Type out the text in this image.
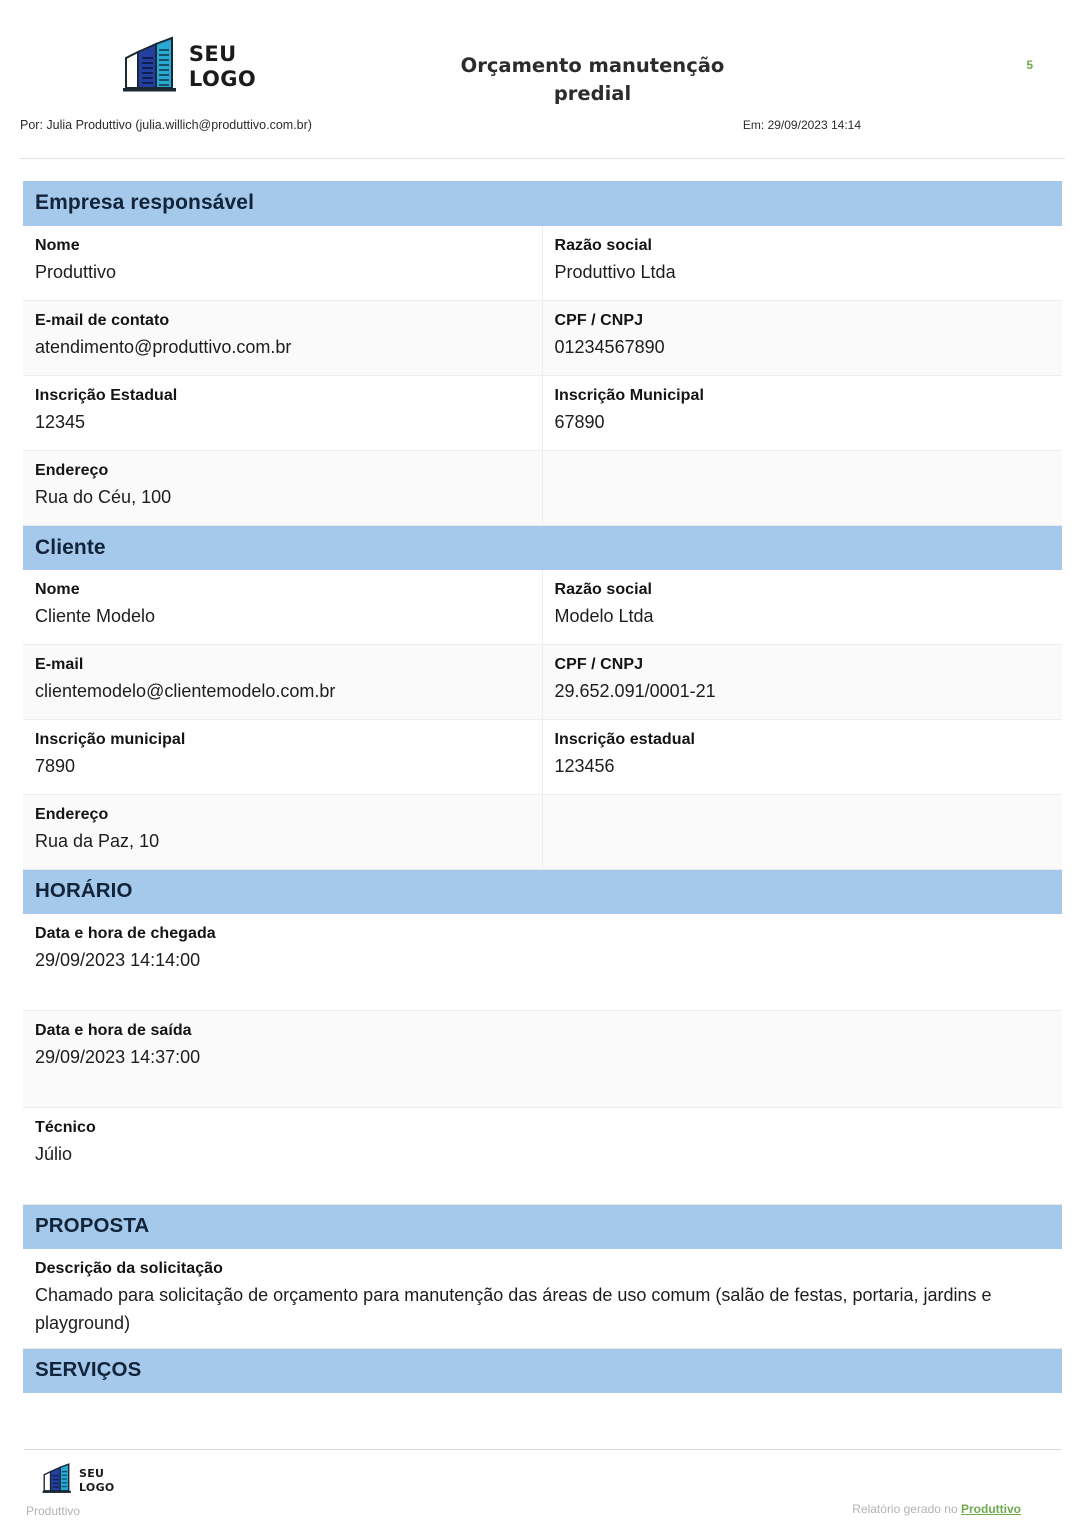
SEU
LOGO
Orçamento manutenção predial
5
Por: Julia Produttivo (julia.willich@produttivo.com.br)	Em: 29/09/2023 14:14
Empresa responsável
Nome
Produttivo
Razão social
Produttivo Ltda
E-mail de contato
atendimento@produttivo.com.br
CPF / CNPJ
01234567890
Inscrição Estadual
12345
Inscrição Municipal
67890
Endereço
Rua do Céu, 100
Cliente
Nome
Cliente Modelo
Razão social
Modelo Ltda
E-mail
clientemodelo@clientemodelo.com.br
CPF / CNPJ
29.652.091/0001-21
Inscrição municipal
7890
Inscrição estadual
123456
Endereço
Rua da Paz, 10
HORÁRIO
Data e hora de chegada
29/09/2023 14:14:00
Data e hora de saída
29/09/2023 14:37:00
Técnico
Júlio
PROPOSTA
Descrição da solicitação
Chamado para solicitação de orçamento para manutenção das áreas de uso comum (salão de festas, portaria, jardins e playground)
SERVIÇOS
SEU
LOGO
Produttivo	Relatório gerado no Produttivo
